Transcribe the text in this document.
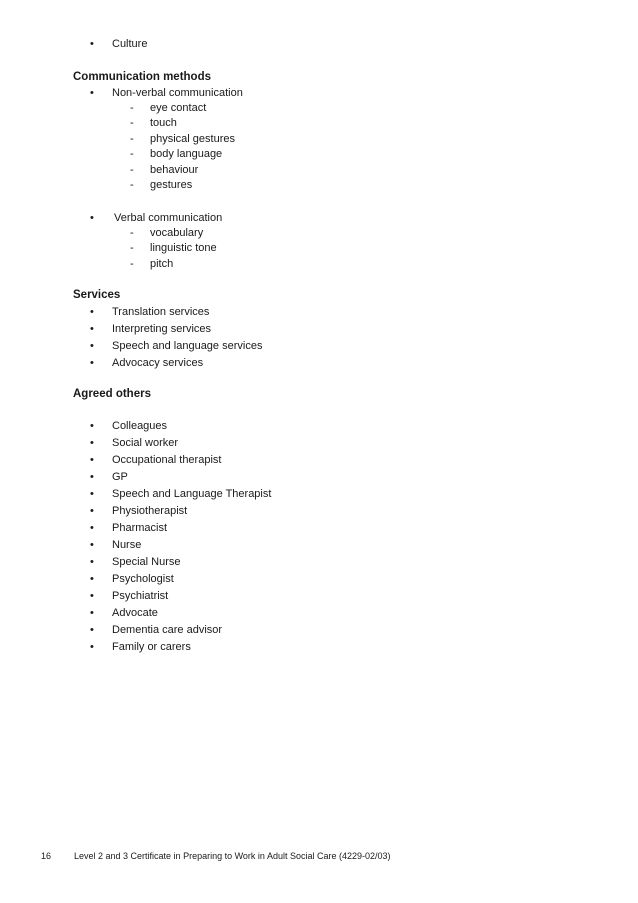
• Culture
Communication methods
• Non-verbal communication
- eye contact
- touch
- physical gestures
- body language
- behaviour
- gestures
• Verbal communication
- vocabulary
- linguistic tone
- pitch
Services
• Translation services
• Interpreting services
• Speech and language services
• Advocacy services
Agreed others
• Colleagues
• Social worker
• Occupational therapist
• GP
• Speech and Language Therapist
• Physiotherapist
• Pharmacist
• Nurse
• Special Nurse
• Psychologist
• Psychiatrist
• Advocate
• Dementia care advisor
• Family or carers
16	Level 2 and 3 Certificate in Preparing to Work in Adult Social Care (4229-02/03)
